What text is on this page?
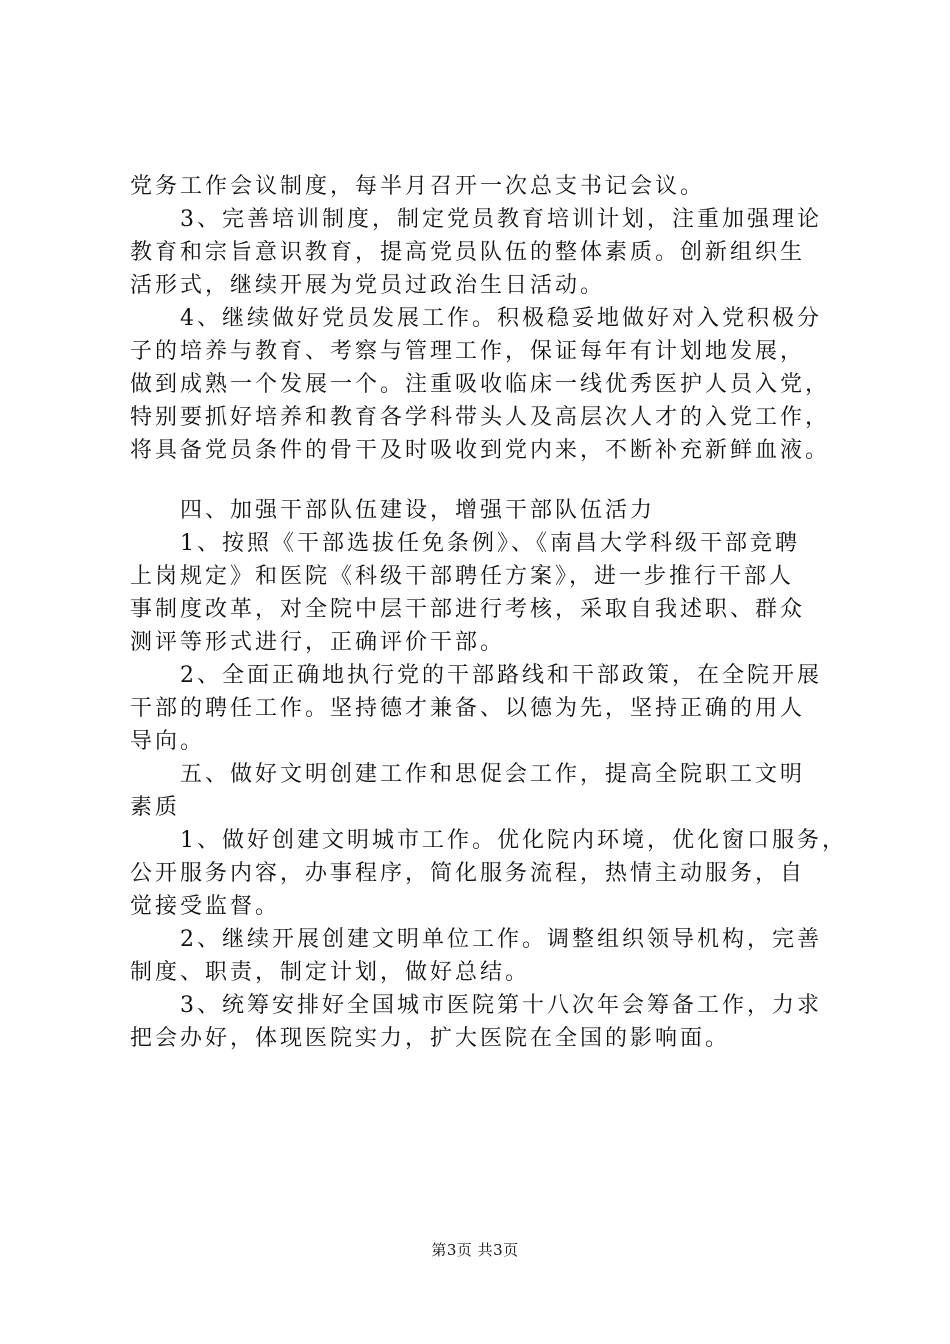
党务工作会议制度，每半月召开一次总支书记会议。
　　3、完善培训制度，制定党员教育培训计划，注重加强理论
教育和宗旨意识教育，提高党员队伍的整体素质。创新组织生
活形式，继续开展为党员过政治生日活动。
　　4、继续做好党员发展工作。积极稳妥地做好对入党积极分
子的培养与教育、考察与管理工作，保证每年有计划地发展，
做到成熟一个发展一个。注重吸收临床一线优秀医护人员入党，
特别要抓好培养和教育各学科带头人及高层次人才的入党工作，
将具备党员条件的骨干及时吸收到党内来，不断补充新鲜血液。
　　四、加强干部队伍建设，增强干部队伍活力
　　1、按照《干部选拔任免条例》、《南昌大学科级干部竞聘
上岗规定》和医院《科级干部聘任方案》，进一步推行干部人
事制度改革，对全院中层干部进行考核，采取自我述职、群众
测评等形式进行，正确评价干部。
　　2、全面正确地执行党的干部路线和干部政策，在全院开展
干部的聘任工作。坚持德才兼备、以德为先，坚持正确的用人
导向。
　　五、做好文明创建工作和思促会工作，提高全院职工文明
素质
　　1、做好创建文明城市工作。优化院内环境，优化窗口服务，
公开服务内容，办事程序，简化服务流程，热情主动服务，自
觉接受监督。
　　2、继续开展创建文明单位工作。调整组织领导机构，完善
制度、职责，制定计划，做好总结。
　　3、统筹安排好全国城市医院第十八次年会筹备工作，力求
把会办好，体现医院实力，扩大医院在全国的影响面。
第3页 共3页
